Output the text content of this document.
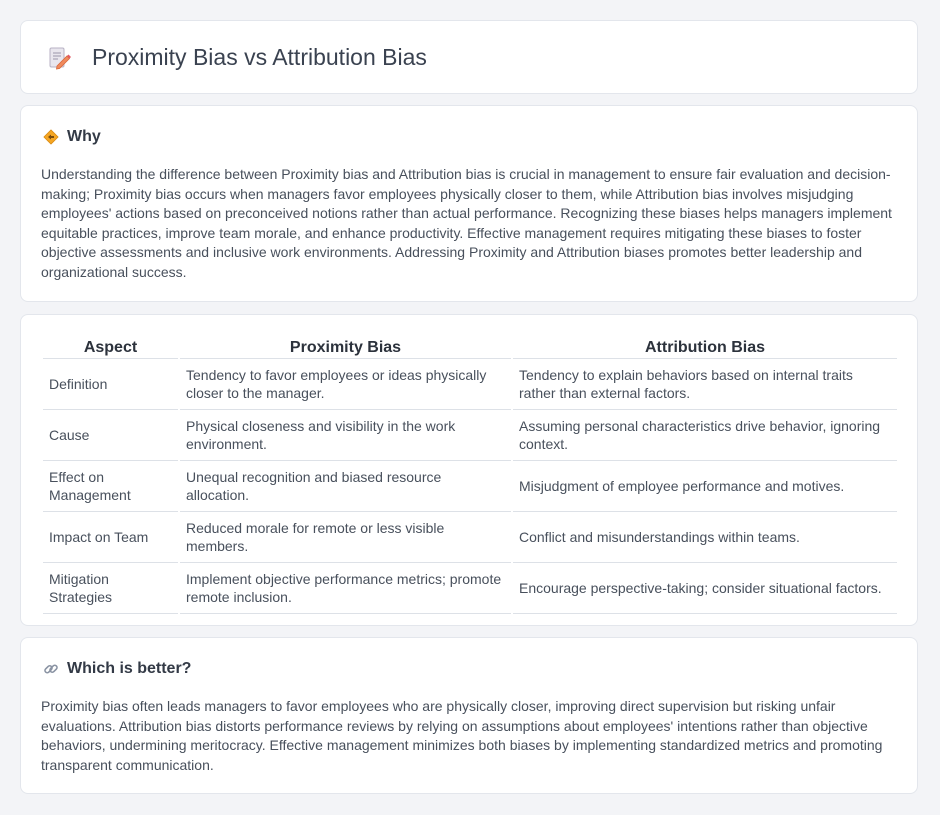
Proximity Bias vs Attribution Bias
Why

Understanding the difference between Proximity bias and Attribution bias is crucial in management to ensure fair evaluation and decision-making; Proximity bias occurs when managers favor employees physically closer to them, while Attribution bias involves misjudging employees' actions based on preconceived notions rather than actual performance. Recognizing these biases helps managers implement equitable practices, improve team morale, and enhance productivity. Effective management requires mitigating these biases to foster objective assessments and inclusive work environments. Addressing Proximity and Attribution biases promotes better leadership and organizational success.

Aspect	Proximity Bias	Attribution Bias
Definition	Tendency to favor employees or ideas physically closer to the manager.	Tendency to explain behaviors based on internal traits rather than external factors.
Cause	Physical closeness and visibility in the work environment.	Assuming personal characteristics drive behavior, ignoring context.
Effect on Management	Unequal recognition and biased resource allocation.	Misjudgment of employee performance and motives.
Impact on Team	Reduced morale for remote or less visible members.	Conflict and misunderstandings within teams.
Mitigation Strategies	Implement objective performance metrics; promote remote inclusion.	Encourage perspective-taking; consider situational factors.
Which is better?

Proximity bias often leads managers to favor employees who are physically closer, improving direct supervision but risking unfair evaluations. Attribution bias distorts performance reviews by relying on assumptions about employees' intentions rather than objective behaviors, undermining meritocracy. Effective management minimizes both biases by implementing standardized metrics and promoting transparent communication.
